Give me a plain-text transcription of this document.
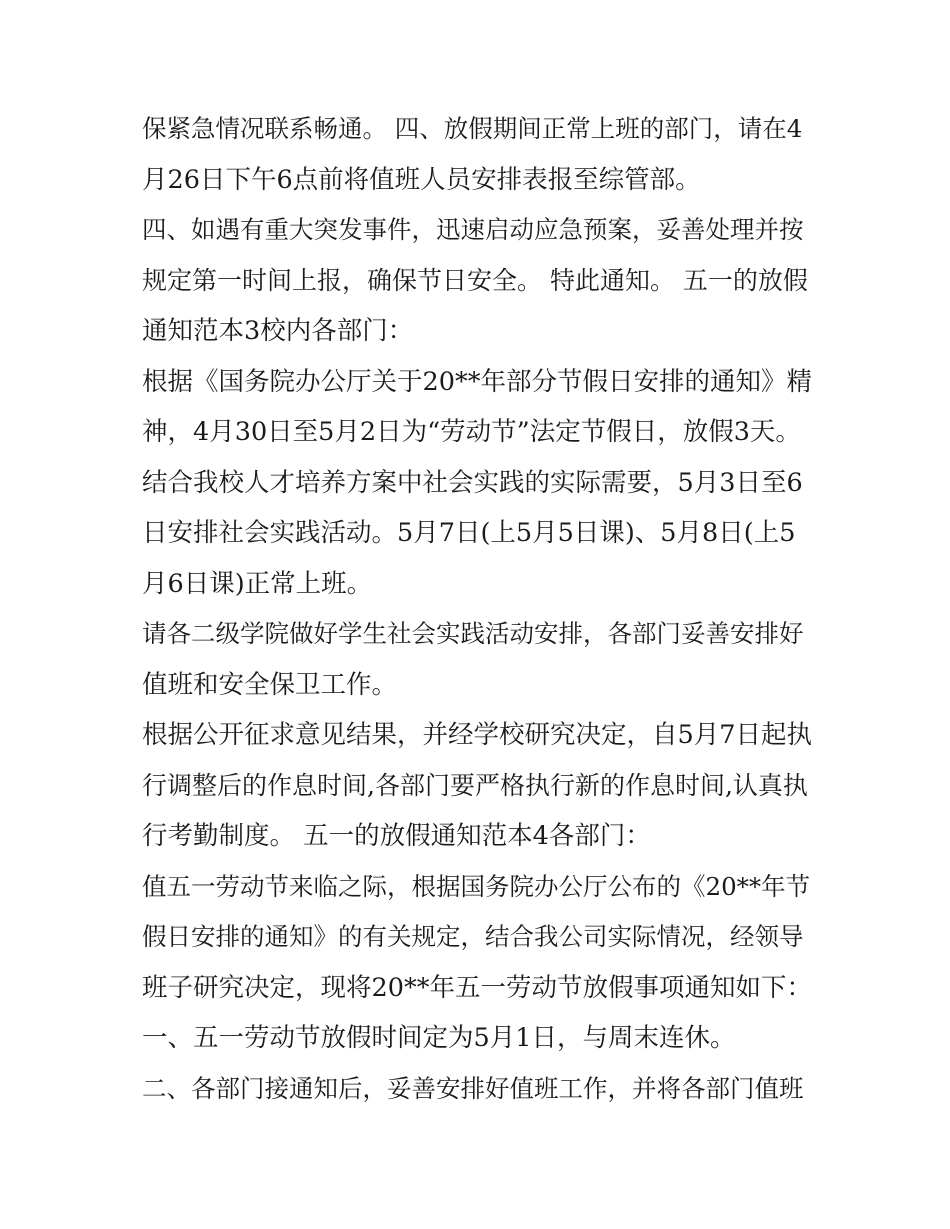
保紧急情况联系畅通。 四、放假期间正常上班的部门，请在4
月26日下午6点前将值班人员安排表报至综管部。
四、如遇有重大突发事件，迅速启动应急预案，妥善处理并按
规定第一时间上报，确保节日安全。 特此通知。 五一的放假
通知范本3校内各部门：
根据《国务院办公厅关于20**年部分节假日安排的通知》精
神，4月30日至5月2日为“劳动节”法定节假日，放假3天。
结合我校人才培养方案中社会实践的实际需要，5月3日至6
日安排社会实践活动。5月7日(上5月5日课)、5月8日(上5
月6日课)正常上班。
请各二级学院做好学生社会实践活动安排，各部门妥善安排好
值班和安全保卫工作。
根据公开征求意见结果，并经学校研究决定，自5月7日起执
行调整后的作息时间,各部门要严格执行新的作息时间,认真执
行考勤制度。 五一的放假通知范本4各部门：
值五一劳动节来临之际，根据国务院办公厅公布的《20**年节
假日安排的通知》的有关规定，结合我公司实际情况，经领导
班子研究决定，现将20**年五一劳动节放假事项通知如下：
一、五一劳动节放假时间定为5月1日，与周末连休。
二、各部门接通知后，妥善安排好值班工作，并将各部门值班
